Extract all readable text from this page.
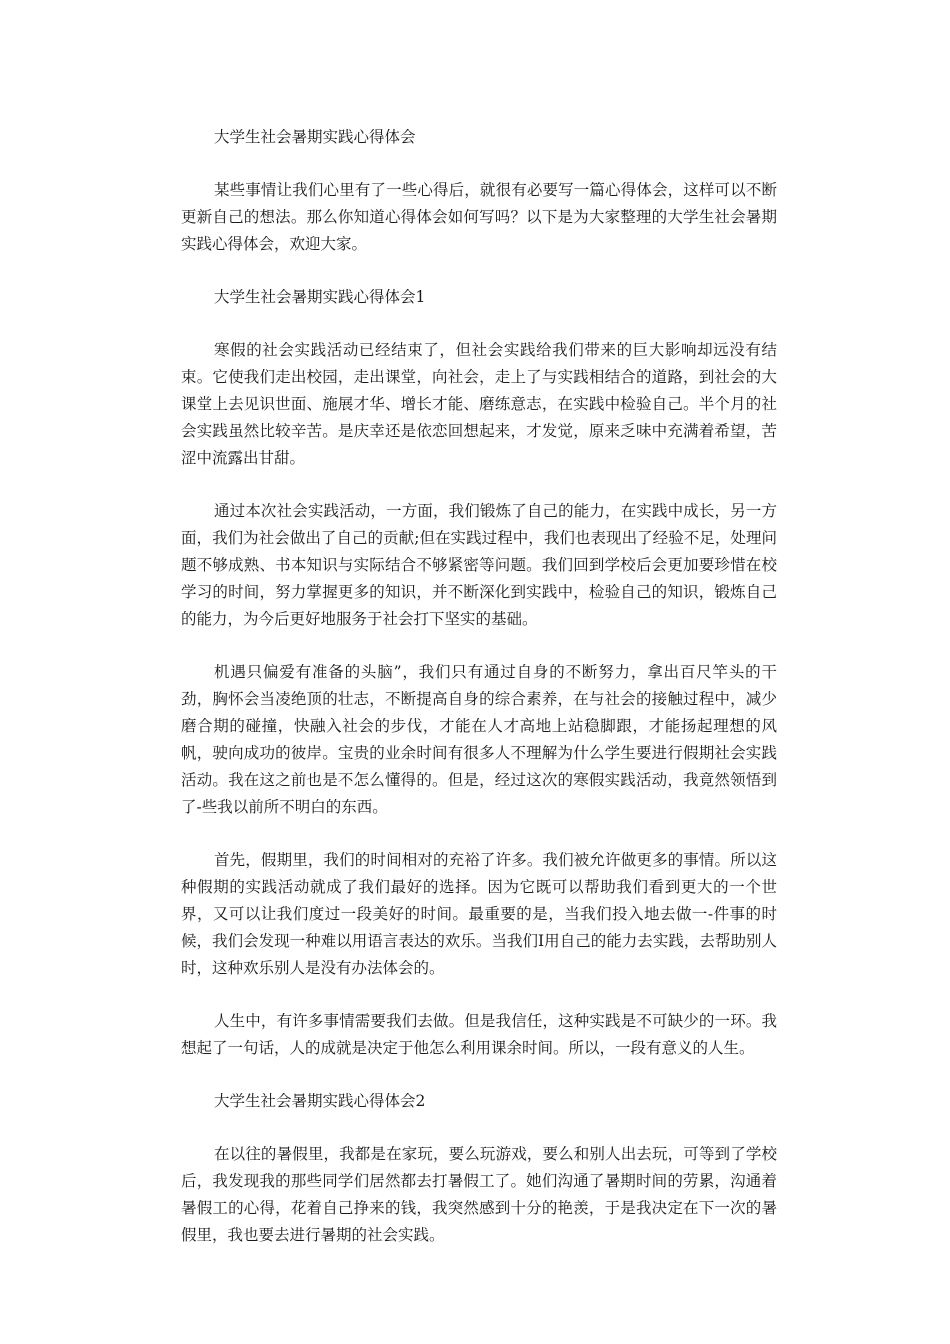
大学生社会暑期实践心得体会

某些事情让我们心里有了一些心得后，就很有必要写一篇心得体会，这样可以不断更新自己的想法。那么你知道心得体会如何写吗？以下是为大家整理的大学生社会暑期实践心得体会，欢迎大家。

大学生社会暑期实践心得体会1

寒假的社会实践活动已经结束了，但社会实践给我们带来的巨大影响却远没有结束。它使我们走出校园，走出课堂，向社会，走上了与实践相结合的道路，到社会的大课堂上去见识世面、施展才华、增长才能、磨练意志，在实践中检验自己。半个月的社会实践虽然比较辛苦。是庆幸还是依恋回想起来，才发觉，原来乏味中充满着希望，苦涩中流露出甘甜。

通过本次社会实践活动，一方面，我们锻炼了自己的能力，在实践中成长，另一方面，我们为社会做出了自己的贡献;但在实践过程中，我们也表现出了经验不足，处理问题不够成熟、书本知识与实际结合不够紧密等问题。我们回到学校后会更加要珍惜在校学习的时间，努力掌握更多的知识，并不断深化到实践中，检验自己的知识，锻炼自己的能力，为今后更好地服务于社会打下坚实的基础。

机遇只偏爱有准备的头脑”，我们只有通过自身的不断努力，拿出百尺竿头的干劲，胸怀会当凌绝顶的壮志，不断提高自身的综合素养，在与社会的接触过程中，减少磨合期的碰撞，快融入社会的步伐，才能在人才高地上站稳脚跟，才能扬起理想的风帆，驶向成功的彼岸。宝贵的业余时间有很多人不理解为什么学生要进行假期社会实践活动。我在这之前也是不怎么懂得的。但是，经过这次的寒假实践活动，我竟然领悟到了-些我以前所不明白的东西。

首先，假期里，我们的时间相对的充裕了许多。我们被允许做更多的事情。所以这种假期的实践活动就成了我们最好的选择。因为它既可以帮助我们看到更大的一个世界，又可以让我们度过一段美好的时间。最重要的是，当我们投入地去做一-件事的时候，我们会发现一种难以用语言表达的欢乐。当我们I用自己的能力去实践，去帮助别人时，这种欢乐别人是没有办法体会的。

人生中，有许多事情需要我们去做。但是我信任，这种实践是不可缺少的一环。我想起了一句话，人的成就是决定于他怎么利用课余时间。所以，一段有意义的人生。

大学生社会暑期实践心得体会2

在以往的暑假里，我都是在家玩，要么玩游戏，要么和别人出去玩，可等到了学校后，我发现我的那些同学们居然都去打暑假工了。她们沟通了暑期时间的劳累，沟通着暑假工的心得，花着自己挣来的钱，我突然感到十分的艳羡，于是我决定在下一次的暑假里，我也要去进行暑期的社会实践。
